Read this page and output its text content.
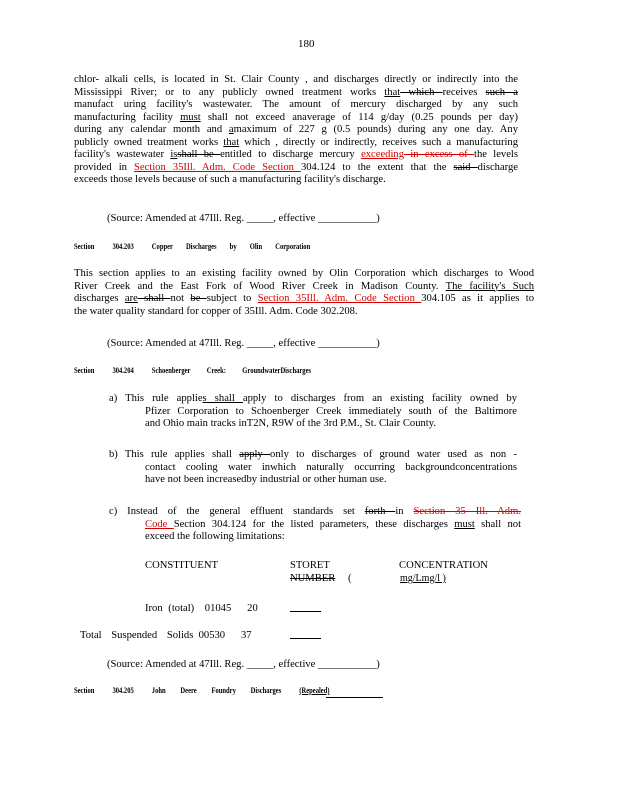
180
chlor- alkali cells, is located in St. Clair County , and discharges directly or indirectly into the
Mississippi River; or to any publicly owned treatment works that which receives such a
manufact uring facility's wastewater. The amount of mercury discharged by any such
manufacturing facility must shall not exceed anaverage of 114 g/day (0.25 pounds per day)
during any calendar month and amaximum of 227 g (0.5 pounds) during any one day. Any
publicly owned treatment works that which , directly or indirectly, receives such a manufacturing
facility's wastewater isshall be entitled to discharge mercury exceeding in excess of the levels
provided in Section 35Ill. Adm. Code Section 304.124 to the extent that the said discharge
exceeds those levels because of such a manufacturing facility's discharge.
(Source: Amended at 47Ill. Reg. _____, effective ___________)
Section 304.203 Copper Discharges by Olin Corporation
This section applies to an existing facility owned by Olin Corporation which discharges to Wood
River Creek and the East Fork of Wood River Creek in Madison County. The facility's Such
discharges are shall not be subject to Section 35Ill. Adm. Code Section 304.105 as it applies to
the water quality standard for copper of 35Ill. Adm. Code 302.208.
(Source: Amended at 47Ill. Reg. _____, effective ___________)
Section 304.204 Schoenberger Creek: GroundwaterDischarges
a) This rule applies shall apply to discharges from an existing facility owned by
Pfizer Corporation to Schoenberger Creek immediately south of the Baltimore
and Ohio main tracks inT2N, R9W of the 3rd P.M., St. Clair County.
b) This rule applies shall apply only to discharges of ground water used as non -
contact cooling water inwhich naturally occurring backgroundconcentrations
have not been increasedby industrial or other human use.
c) Instead of the general effluent standards set forth in Section 35 Ill. Adm.
Code Section 304.124 for the listed parameters, these discharges must shall not
exceed the following limitations:
CONSTITUENT	STORET
NUMBER (
CONCENTRATION
mg/Lmg/l )
Iron (total) 01045 20
Total Suspended Solids 00530 37
(Source: Amended at 47Ill. Reg. _____, effective ___________)
Section 304.205 John Deere Foundry Discharges (Repealed)
